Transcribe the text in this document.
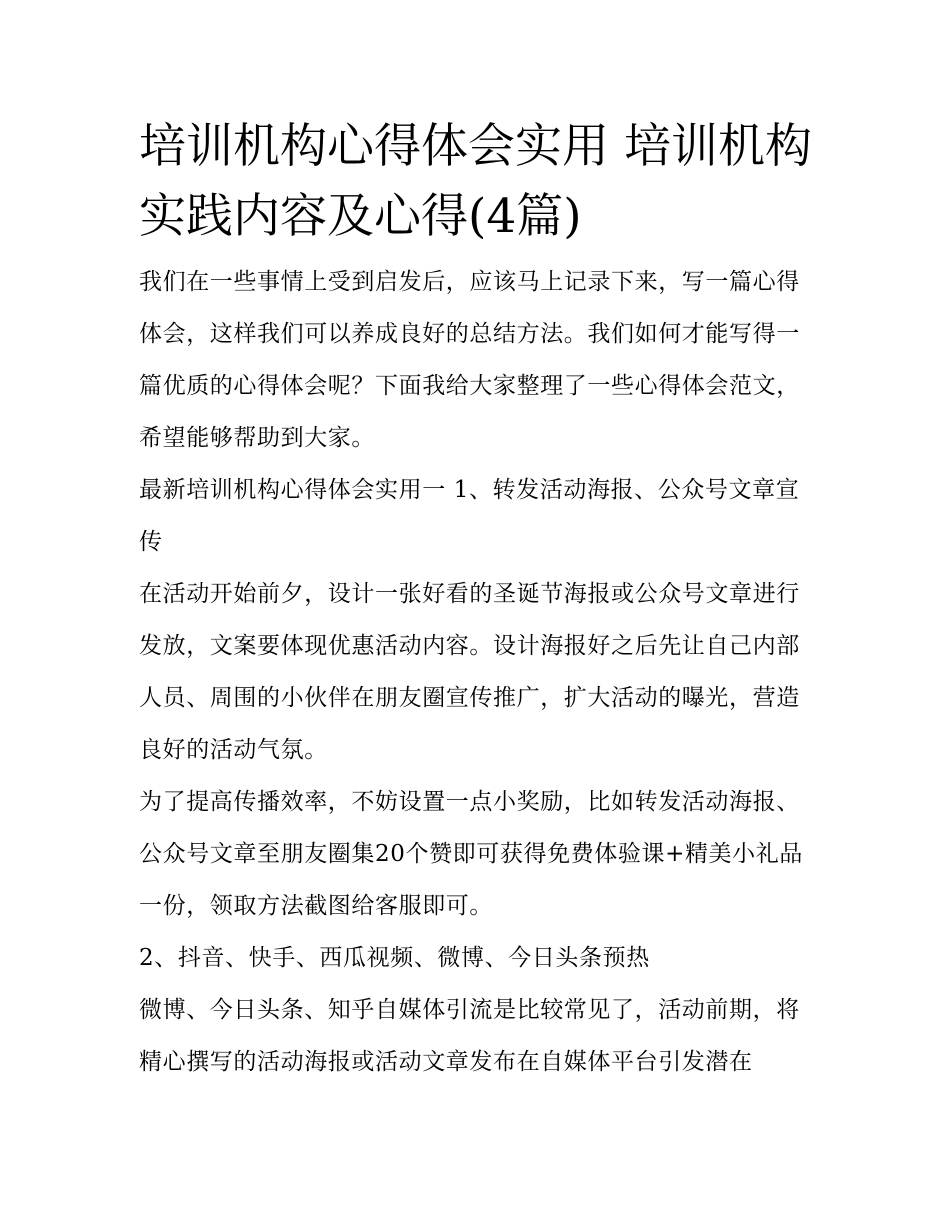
培训机构心得体会实用 培训机构实践内容及心得(4篇)

我们在一些事情上受到启发后，应该马上记录下来，写一篇心得体会，这样我们可以养成良好的总结方法。我们如何才能写得一篇优质的心得体会呢？下面我给大家整理了一些心得体会范文，希望能够帮助到大家。

最新培训机构心得体会实用一 1、转发活动海报、公众号文章宣传

在活动开始前夕，设计一张好看的圣诞节海报或公众号文章进行发放，文案要体现优惠活动内容。设计海报好之后先让自己内部人员、周围的小伙伴在朋友圈宣传推广，扩大活动的曝光，营造良好的活动气氛。

为了提高传播效率，不妨设置一点小奖励，比如转发活动海报、公众号文章至朋友圈集20个赞即可获得免费体验课+精美小礼品一份，领取方法截图给客服即可。

2、抖音、快手、西瓜视频、微博、今日头条预热

微博、今日头条、知乎自媒体引流是比较常见了，活动前期，将精心撰写的活动海报或活动文章发布在自媒体平台引发潜在
